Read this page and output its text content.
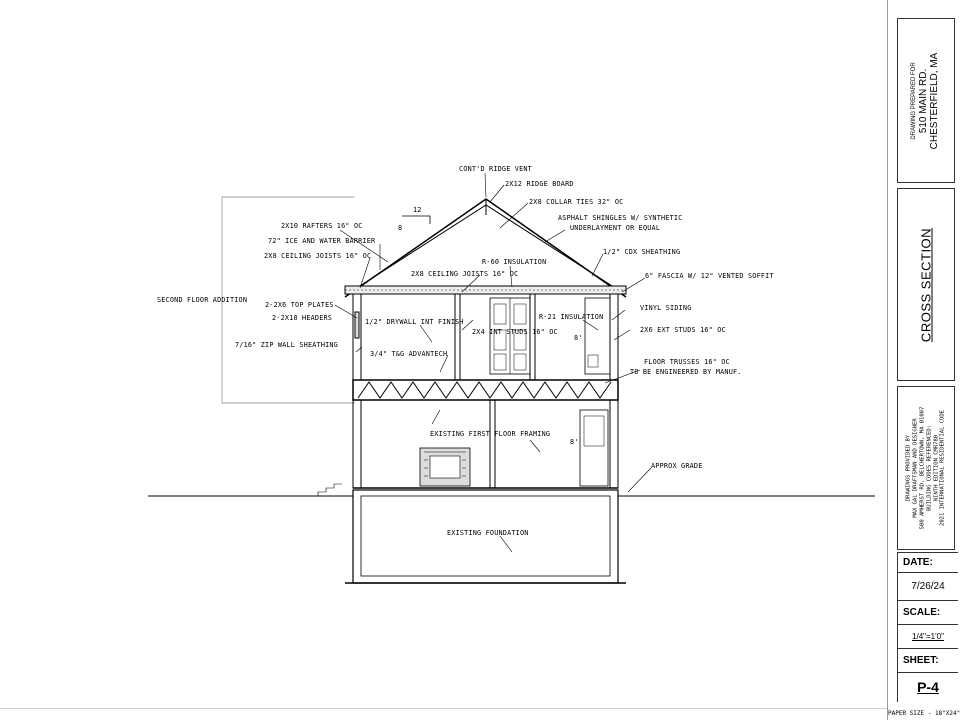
12
8
8'
8'
CONT'D RIDGE VENT
2X12 RIDGE BOARD
2X8 COLLAR TIES 32" OC
ASPHALT SHINGLES W/ SYNTHETIC
UNDERLAYMENT OR EQUAL
2X10 RAFTERS 16" OC
72" ICE AND WATER BARRIER
2X8 CEILING JOISTS 16" OC	1/2" CDX SHEATHING
R-60 INSULATION
2X8 CEILING JOISTS 16" OC	6" FASCIA W/ 12" VENTED SOFFIT
SECOND FLOOR ADDITION
2-2X6 TOP PLATES
2-2X10 HEADERS
VINYL SIDING
1/2" DRYWALL INT FINISH
R-21 INSULATION
2X4 INT STUDS 16" OC	2X6 EXT STUDS 16" OC
7/16" ZIP WALL SHEATHING
3/4" T&G ADVANTECH
FLOOR TRUSSES 16" OC
TO BE ENGINEERED BY MANUF.
EXISTING FIRST FLOOR FRAMING
APPROX GRADE
EXISTING FOUNDATION
DRAWING PREPARED FOR 510 MAIN RD. CHESTERFIELD, MA
CROSS SECTION
DRAWINGS PROVIDED BY MAX GAL DRAFTSMAN AND DESIGNER 500 AMHERST RD, BELCHERTOWN, MA 01007 BUILDING CODES REFERENCED: NINTH EDITION CMR780 2021 INTERNATIONAL RESIDENTIAL CODE
DATE:
7/26/24
SCALE:
1/4"=1'0"
SHEET:
P-4
PAPER SIZE - 18"X24"
